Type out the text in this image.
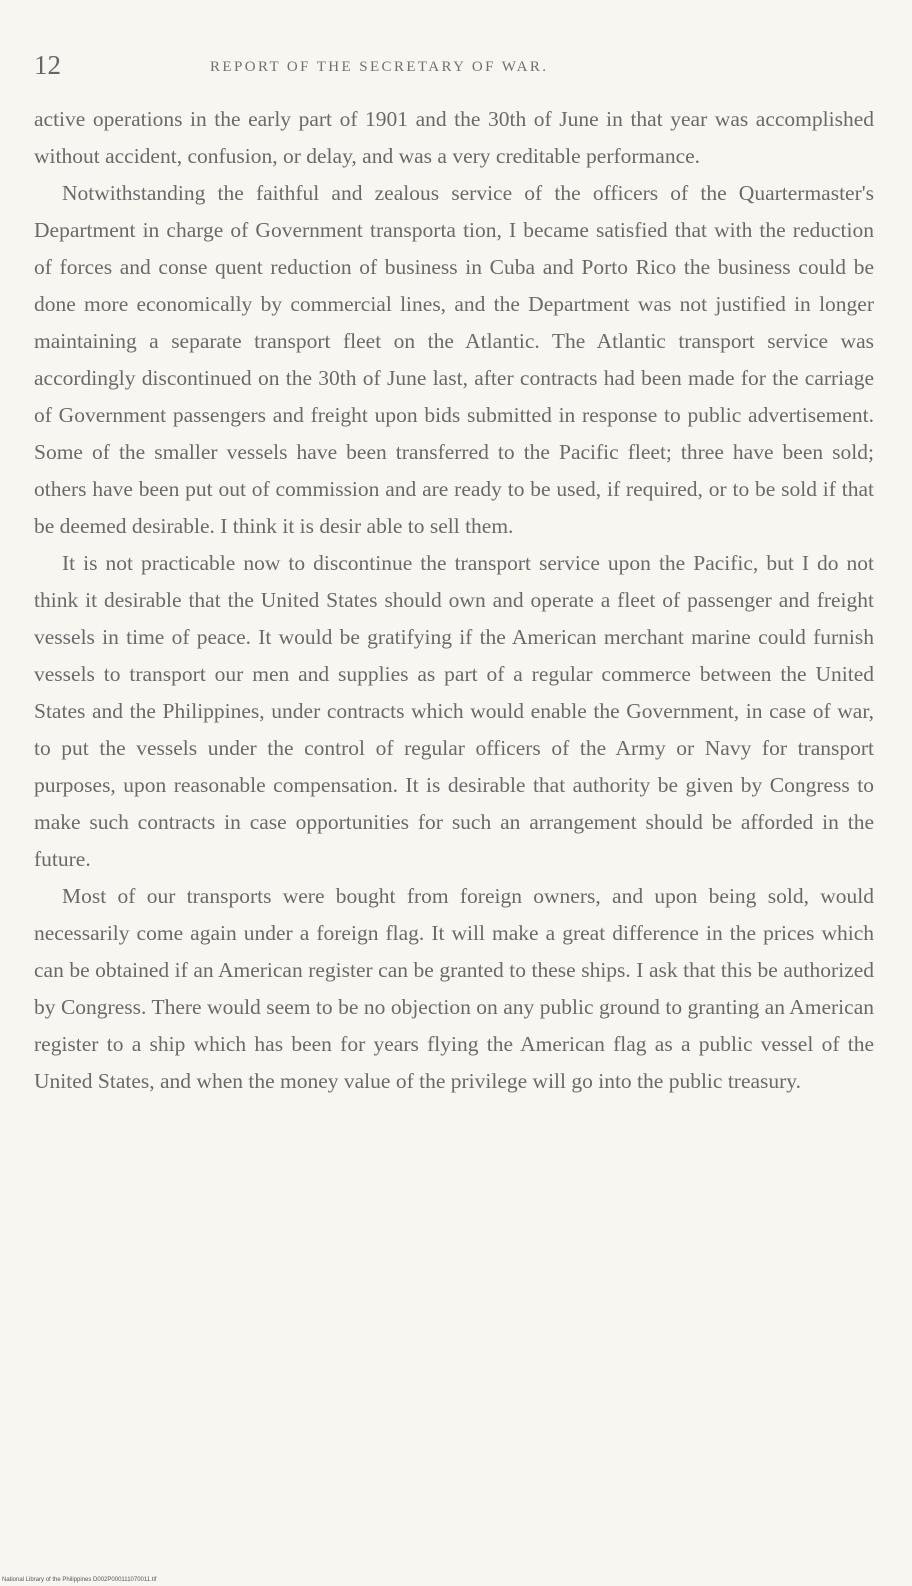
12	REPORT OF THE SECRETARY OF WAR.

active operations in the early part of 1901 and the 30th of June in that year was accomplished without accident, confusion, or delay, and was a very creditable performance.

Notwithstanding the faithful and zealous service of the officers of the Quartermaster's Department in charge of Government transporta tion, I became satisfied that with the reduction of forces and conse quent reduction of business in Cuba and Porto Rico the business could be done more economically by commercial lines, and the Department was not justified in longer maintaining a separate transport fleet on the Atlantic. The Atlantic transport service was accordingly discontinued on the 30th of June last, after contracts had been made for the carriage of Government passengers and freight upon bids submitted in response to public advertisement. Some of the smaller vessels have been transferred to the Pacific fleet; three have been sold; others have been put out of commission and are ready to be used, if required, or to be sold if that be deemed desirable. I think it is desir able to sell them.

It is not practicable now to discontinue the transport service upon the Pacific, but I do not think it desirable that the United States should own and operate a fleet of passenger and freight vessels in time of peace. It would be gratifying if the American merchant marine could furnish vessels to transport our men and supplies as part of a regular commerce between the United States and the Philippines, under contracts which would enable the Government, in case of war, to put the vessels under the control of regular officers of the Army or Navy for transport purposes, upon reasonable compensation. It is desirable that authority be given by Congress to make such contracts in case opportunities for such an arrangement should be afforded in the future.

Most of our transports were bought from foreign owners, and upon being sold, would necessarily come again under a foreign flag. It will make a great difference in the prices which can be obtained if an American register can be granted to these ships. I ask that this be authorized by Congress. There would seem to be no objection on any public ground to granting an American register to a ship which has been for years flying the American flag as a public vessel of the United States, and when the money value of the privilege will go into the public treasury.

National Library of the Philippines D002P000111070011.tif
